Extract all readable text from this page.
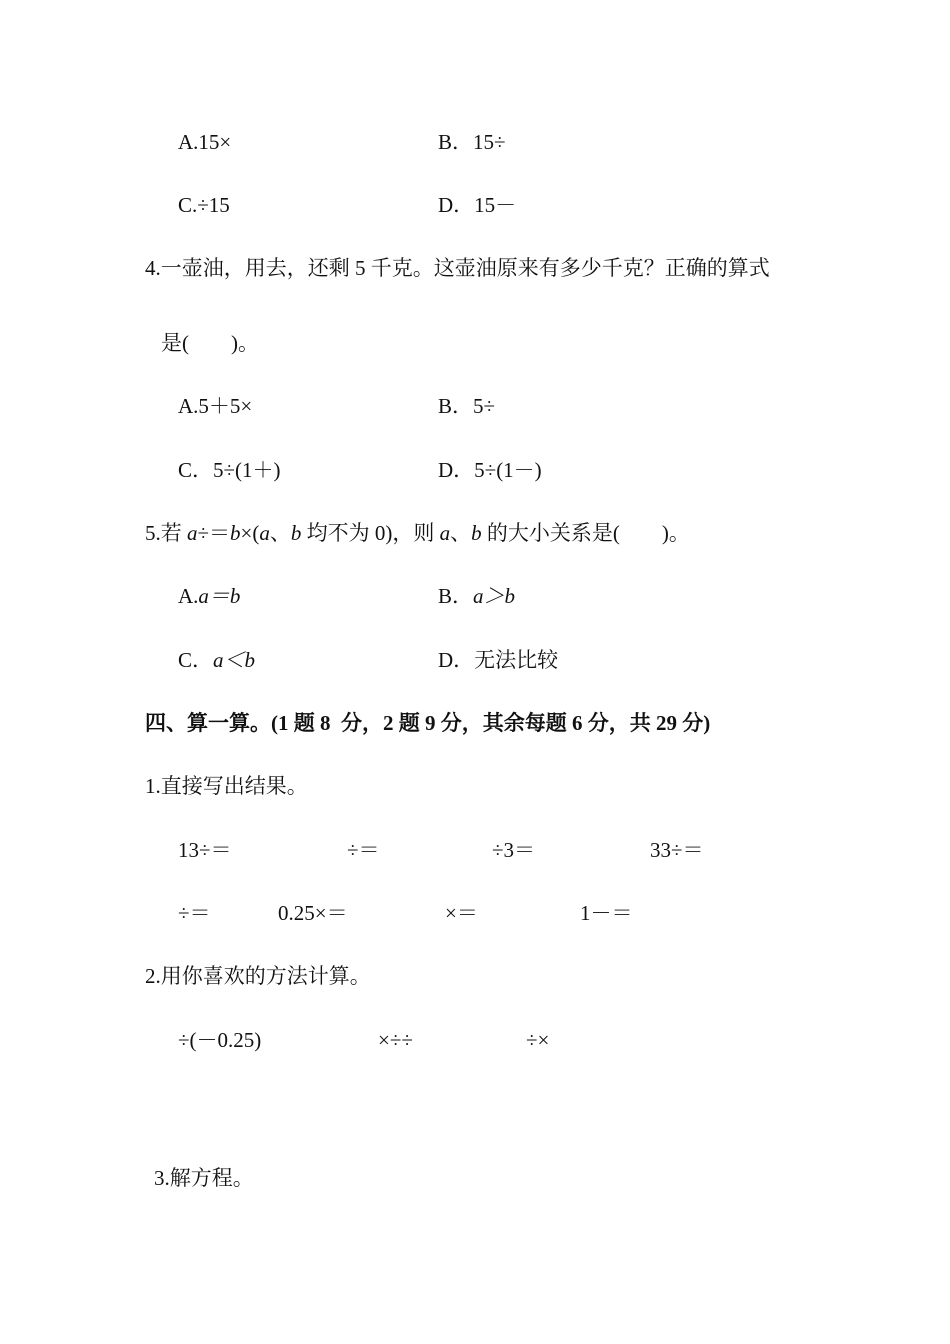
A.15×	B．15÷
C.÷15	D．15－
4.一壶油，用去，还剩 5 千克。这壶油原来有多少千克？正确的算式
是(　　)。
A.5＋5×	B．5÷
C．5÷(1＋)	D．5÷(1－)
5.若 a÷＝b×(a、b 均不为 0)，则 a、b 的大小关系是(　　)。
A.a＝b	B．a＞b
C．a＜b	D．无法比较
四、算一算。(1 题 8  分，2 题 9 分，其余每题 6 分，共 29 分)
1.直接写出结果。
13÷＝	÷＝	÷3＝	33÷＝
÷＝	0.25×＝	×＝	1－＝
2.用你喜欢的方法计算。
÷(－0.25)	×÷÷	÷×
3.解方程。
